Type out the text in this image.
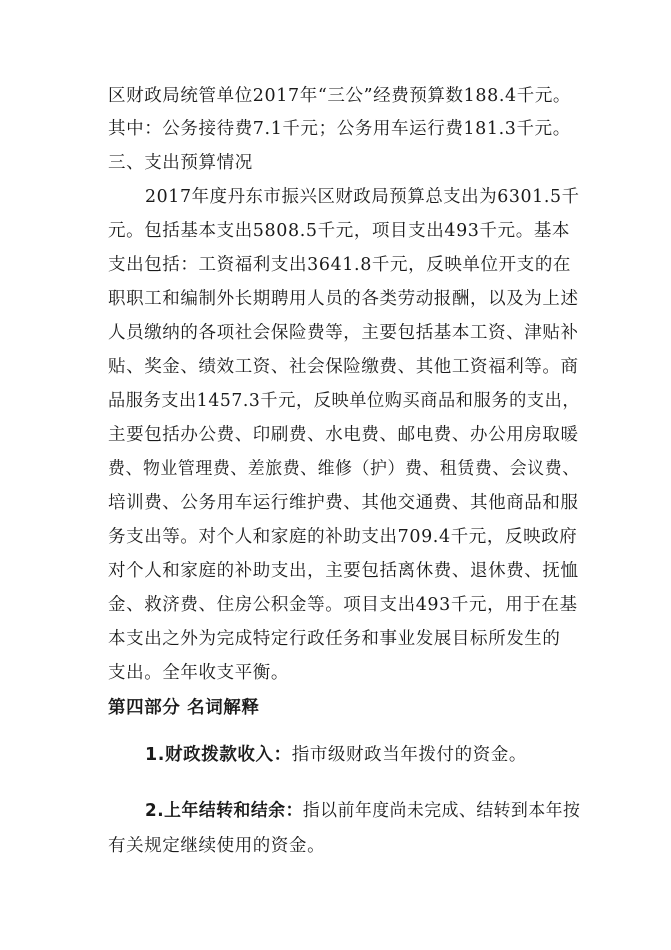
区财政局统管单位2017年“三公”经费预算数188.4千元。
其中：公务接待费7.1千元；公务用车运行费181.3千元。
三、支出预算情况
2017年度丹东市振兴区财政局预算总支出为6301.5千
元。包括基本支出5808.5千元，项目支出493千元。基本
支出包括：工资福利支出3641.8千元，反映单位开支的在
职职工和编制外长期聘用人员的各类劳动报酬，以及为上述
人员缴纳的各项社会保险费等，主要包括基本工资、津贴补
贴、奖金、绩效工资、社会保险缴费、其他工资福利等。商
品服务支出1457.3千元，反映单位购买商品和服务的支出，
主要包括办公费、印刷费、水电费、邮电费、办公用房取暖
费、物业管理费、差旅费、维修（护）费、租赁费、会议费、
培训费、公务用车运行维护费、其他交通费、其他商品和服
务支出等。对个人和家庭的补助支出709.4千元，反映政府
对个人和家庭的补助支出，主要包括离休费、退休费、抚恤
金、救济费、住房公积金等。项目支出493千元，用于在基
本支出之外为完成特定行政任务和事业发展目标所发生的
支出。全年收支平衡。
第四部分 名词解释
1.财政拨款收入：指市级财政当年拨付的资金。
2.上年结转和结余：指以前年度尚未完成、结转到本年按
有关规定继续使用的资金。
